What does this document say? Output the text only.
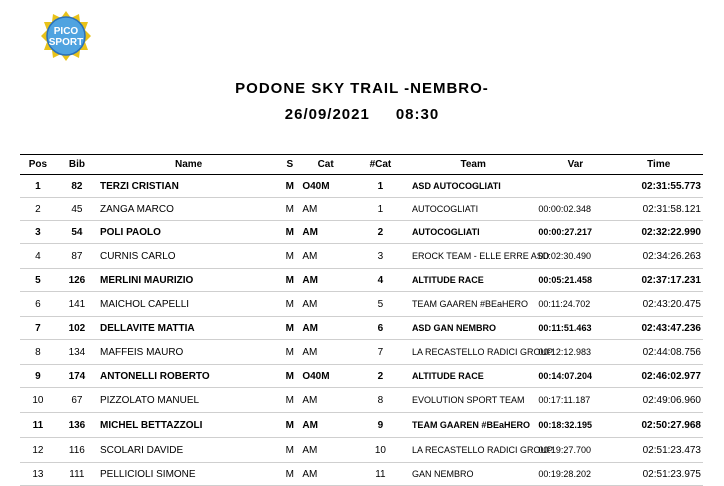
PICO
SPORT
PODONE SKY TRAIL -NEMBRO-
26/09/2021 08:30
Pos	Bib	Name	S	Cat	#Cat	Team	Var	Time
1	82	TERZI CRISTIAN	M	O40M	1	ASD AUTOCOGLIATI		02:31:55.773
2	45	ZANGA MARCO	M	AM	1	AUTOCOGLIATI	00:00:02.348	02:31:58.121
3	54	POLI PAOLO	M	AM	2	AUTOCOGLIATI	00:00:27.217	02:32:22.990
4	87	CURNIS CARLO	M	AM	3	EROCK TEAM - ELLE ERRE ASD	00:02:30.490	02:34:26.263
5	126	MERLINI MAURIZIO	M	AM	4	ALTITUDE RACE	00:05:21.458	02:37:17.231
6	141	MAICHOL CAPELLI	M	AM	5	TEAM GAAREN #BEaHERO	00:11:24.702	02:43:20.475
7	102	DELLAVITE MATTIA	M	AM	6	ASD GAN NEMBRO	00:11:51.463	02:43:47.236
8	134	MAFFEIS MAURO	M	AM	7	LA RECASTELLO RADICI GROUP	00:12:12.983	02:44:08.756
9	174	ANTONELLI ROBERTO	M	O40M	2	ALTITUDE RACE	00:14:07.204	02:46:02.977
10	67	PIZZOLATO MANUEL	M	AM	8	EVOLUTION SPORT TEAM	00:17:11.187	02:49:06.960
11	136	MICHEL BETTAZZOLI	M	AM	9	TEAM GAAREN #BEaHERO	00:18:32.195	02:50:27.968
12	116	SCOLARI DAVIDE	M	AM	10	LA RECASTELLO RADICI GROUP	00:19:27.700	02:51:23.473
13	111	PELLICIOLI SIMONE	M	AM	11	GAN NEMBRO	00:19:28.202	02:51:23.975
